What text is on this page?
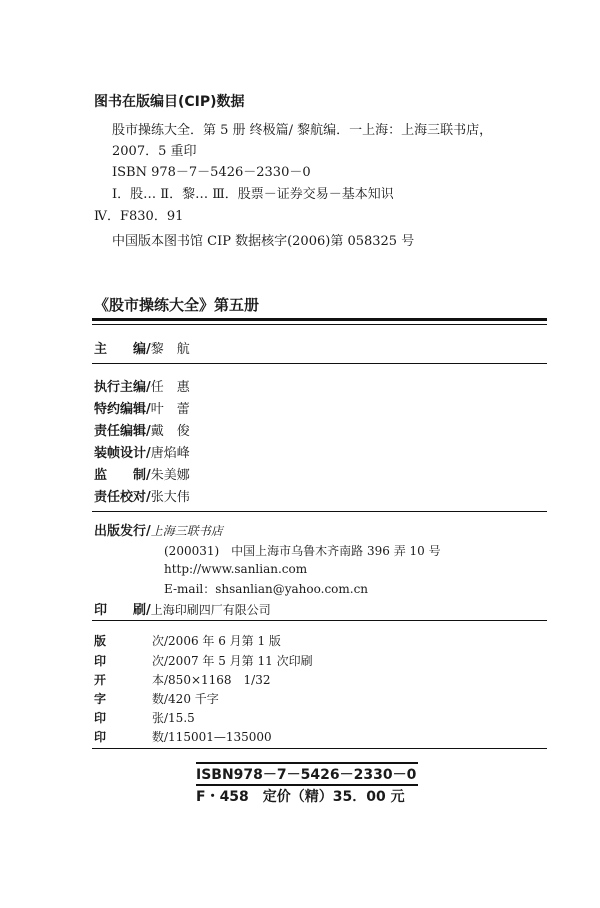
图书在版编目(CIP)数据
股市操练大全．第 5 册 终极篇/ 黎航编．一上海：上海三联书店，
2007．5 重印
ISBN 978－7－5426－2330－0
Ⅰ．股… Ⅱ．黎… Ⅲ．股票－证券交易－基本知识
Ⅳ．F830．91
中国版本图书馆 CIP 数据核字(2006)第 058325 号
《股市操练大全》第五册
主　　编/黎　航
执行主编/任　惠
特约编辑/叶　蕾
责任编辑/戴　俊
装帧设计/唐焰峰
监　　制/朱美娜
责任校对/张大伟
出版发行/上海三联书店
(200031)　中国上海市乌鲁木齐南路 396 弄 10 号
http://www.sanlian.com
E-mail：shsanlian@yahoo.com.cn
印　　刷/上海印刷四厂有限公司
版	次/2006 年 6 月第 1 版
印	次/2007 年 5 月第 11 次印刷
开	本/850×1168　1/32
字	数/420 千字
印	张/15.5
印	数/115001—135000
ISBN978－7－5426－2330－0
F・458　定价（精）35．00 元
